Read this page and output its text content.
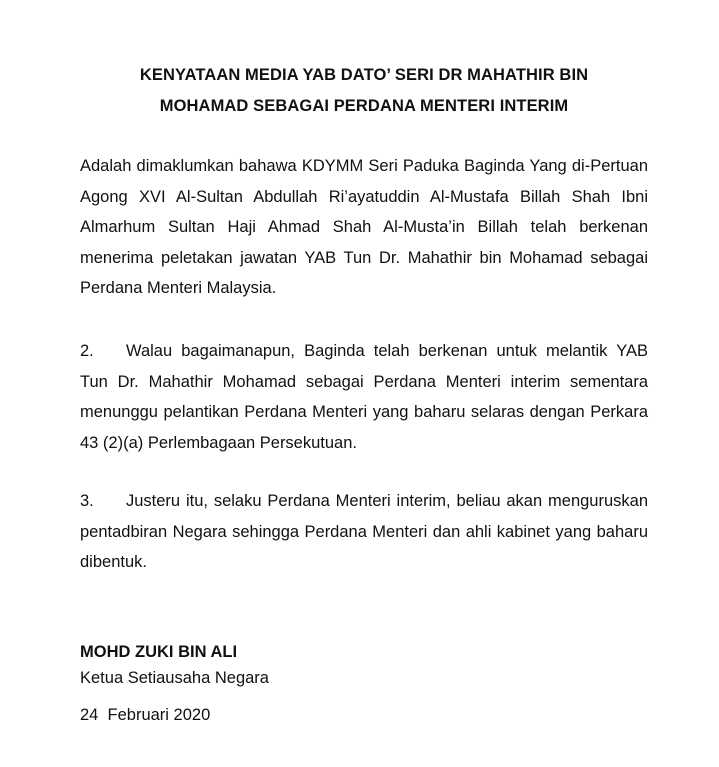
KENYATAAN MEDIA YAB DATO’ SERI DR MAHATHIR BIN
MOHAMAD SEBAGAI PERDANA MENTERI INTERIM
Adalah dimaklumkan bahawa KDYMM Seri Paduka Baginda Yang di-Pertuan Agong XVI Al-Sultan Abdullah Ri’ayatuddin Al-Mustafa Billah Shah Ibni Almarhum Sultan Haji Ahmad Shah Al-Musta’in Billah telah berkenan menerima peletakan jawatan YAB Tun Dr. Mahathir bin Mohamad sebagai Perdana Menteri Malaysia.
2. Walau bagaimanapun, Baginda telah berkenan untuk melantik YAB Tun Dr. Mahathir Mohamad sebagai Perdana Menteri interim sementara menunggu pelantikan Perdana Menteri yang baharu selaras dengan Perkara 43 (2)(a) Perlembagaan Persekutuan.
3. Justeru itu, selaku Perdana Menteri interim, beliau akan menguruskan pentadbiran Negara sehingga Perdana Menteri dan ahli kabinet yang baharu dibentuk.
MOHD ZUKI BIN ALI
Ketua Setiausaha Negara
24  Februari 2020
